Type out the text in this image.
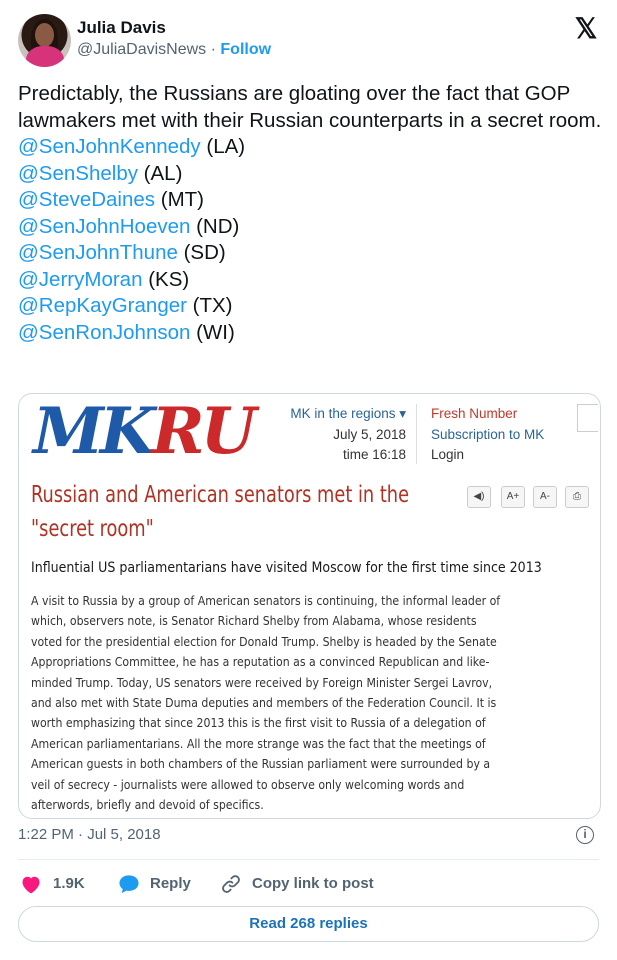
Julia Davis
@JuliaDavisNews · Follow
𝕏
Predictably, the Russians are gloating over the fact that GOP lawmakers met with their Russian counterparts in a secret room.
@SenJohnKennedy (LA)
@SenShelby (AL)
@SteveDaines (MT)
@SenJohnHoeven (ND)
@SenJohnThune (SD)
@JerryMoran (KS)
@RepKayGranger (TX)
@SenRonJohnson (WI)
MKRU	MK in the regions ▾
July 5, 2018
time 16:18
Fresh Number
Subscription to MK
Login
Russian and American senators met in the
"secret room"
◀)	A+	A-	⎙
Influential US parliamentarians have visited Moscow for the first time since 2013
A visit to Russia by a group of American senators is continuing, the informal leader of
which, observers note, is Senator Richard Shelby from Alabama, whose residents
voted for the presidential election for Donald Trump. Shelby is headed by the Senate
Appropriations Committee, he has a reputation as a convinced Republican and like-
minded Trump. Today, US senators were received by Foreign Minister Sergei Lavrov,
and also met with State Duma deputies and members of the Federation Council. It is
worth emphasizing that since 2013 this is the first visit to Russia of a delegation of
American parliamentarians. All the more strange was the fact that the meetings of
American guests in both chambers of the Russian parliament were surrounded by a
veil of secrecy - journalists were allowed to observe only welcoming words and
afterwords, briefly and devoid of specifics.
1:22 PM · Jul 5, 2018	i
1.9K	Reply	Copy link to post
Read 268 replies
